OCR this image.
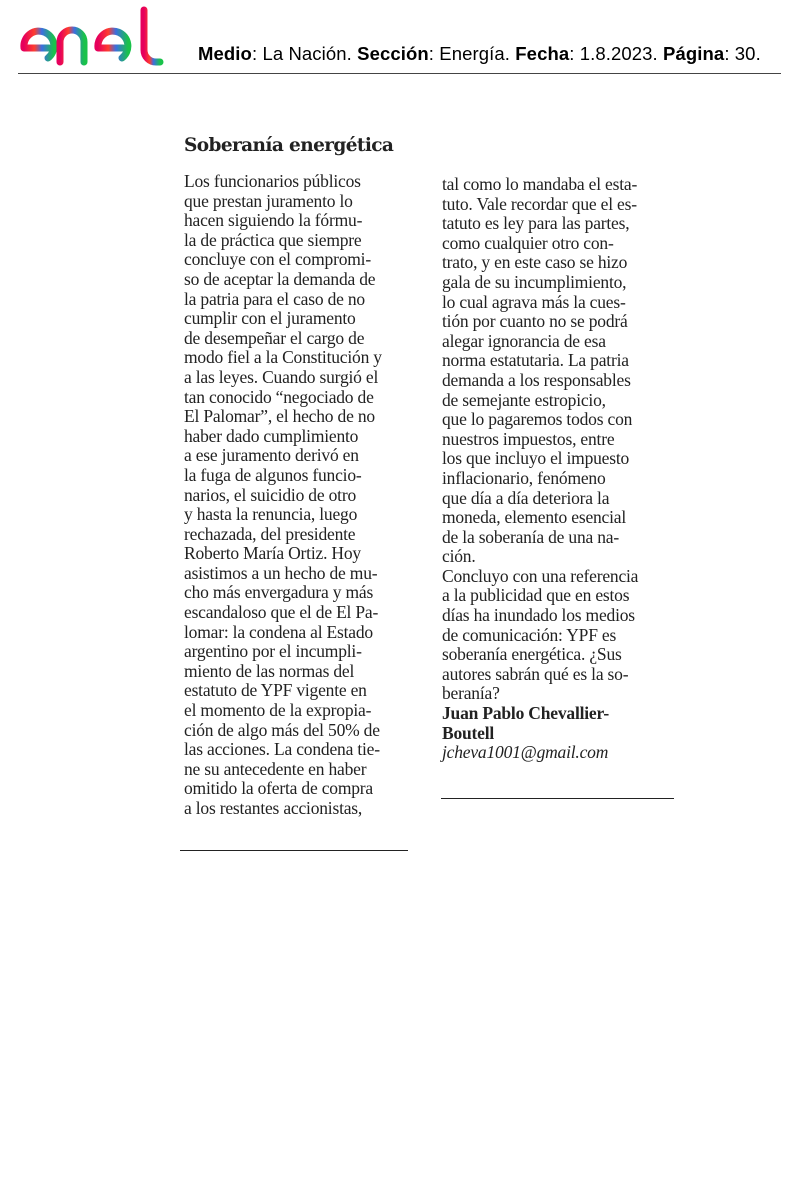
Medio: La Nación. Sección: Energía. Fecha: 1.8.2023. Página: 30.
Soberanía energética
Los funcionarios públicos
que prestan juramento lo
hacen siguiendo la fórmu-
la de práctica que siempre
concluye con el compromi-
so de aceptar la demanda de
la patria para el caso de no
cumplir con el juramento
de desempeñar el cargo de
modo fiel a la Constitución y
a las leyes. Cuando surgió el
tan conocido “negociado de
El Palomar”, el hecho de no
haber dado cumplimiento
a ese juramento derivó en
la fuga de algunos funcio-
narios, el suicidio de otro
y hasta la renuncia, luego
rechazada, del presidente
Roberto María Ortiz. Hoy
asistimos a un hecho de mu-
cho más envergadura y más
escandaloso que el de El Pa-
lomar: la condena al Estado
argentino por el incumpli-
miento de las normas del
estatuto de YPF vigente en
el momento de la expropia-
ción de algo más del 50% de
las acciones. La condena tie-
ne su antecedente en haber
omitido la oferta de compra
a los restantes accionistas,
tal como lo mandaba el esta-
tuto. Vale recordar que el es-
tatuto es ley para las partes,
como cualquier otro con-
trato, y en este caso se hizo
gala de su incumplimiento,
lo cual agrava más la cues-
tión por cuanto no se podrá
alegar ignorancia de esa
norma estatutaria. La patria
demanda a los responsables
de semejante estropicio,
que lo pagaremos todos con
nuestros impuestos, entre
los que incluyo el impuesto
inflacionario, fenómeno
que día a día deteriora la
moneda, elemento esencial
de la soberanía de una na-
ción.
Concluyo con una referencia
a la publicidad que en estos
días ha inundado los medios
de comunicación: YPF es
soberanía energética. ¿Sus
autores sabrán qué es la so-
beranía?
Juan Pablo Chevallier-
Boutell
jcheva1001@gmail.com
